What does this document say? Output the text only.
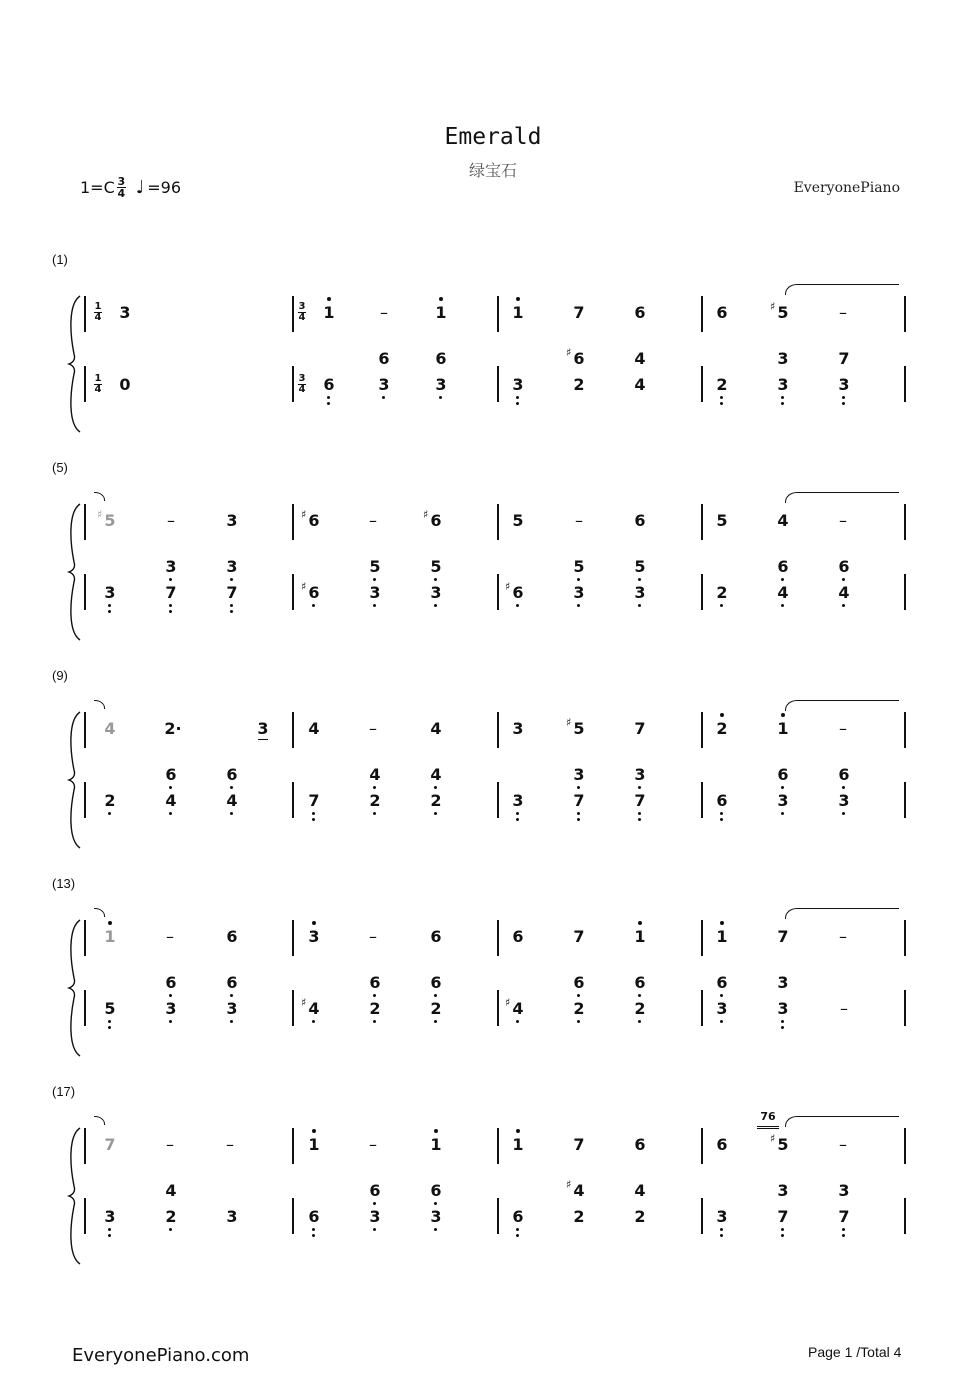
Emerald
绿宝石
$1=C \frac{3}{4}$ ♩ =96	EveryonePiano
(1)
1
4
1
4
3
4
3
4
3	1	–	1	1	7	6	6	5
♯	–
0	6
6
3
6
3	3
6
♯	4
2	4	2
3
3
7
3
(5)
5
♯	–	3	6
♯	–	6
♯	5	–	6	5	4	–
3
3
7
3
7	6
♯
5
3
5
3	6
♯
5
3
5
3	2
6
4
6
4
(9)
4	2·	3	4	–	4	3	5
♯	7	2	1	–
2
6
4
6
4	7
4
2
4
2	3
3
7
3
7	6
6
3
6
3
(13)
1	–	6	3	–	6	6	7	1	1	7	–
5
6
3
6
3	4
♯
6
2
6
2	4
♯
6
2
6
2
6
3
3
3	–
(17)
7	–	–	1	–	1	1	7	6	6
76
5
♯	–
3
4
2	3	6
6
3
6
3	6
4
♯
2
4
2	3
3
7
3
7
EveryonePiano.com	Page 1 /Total 4
